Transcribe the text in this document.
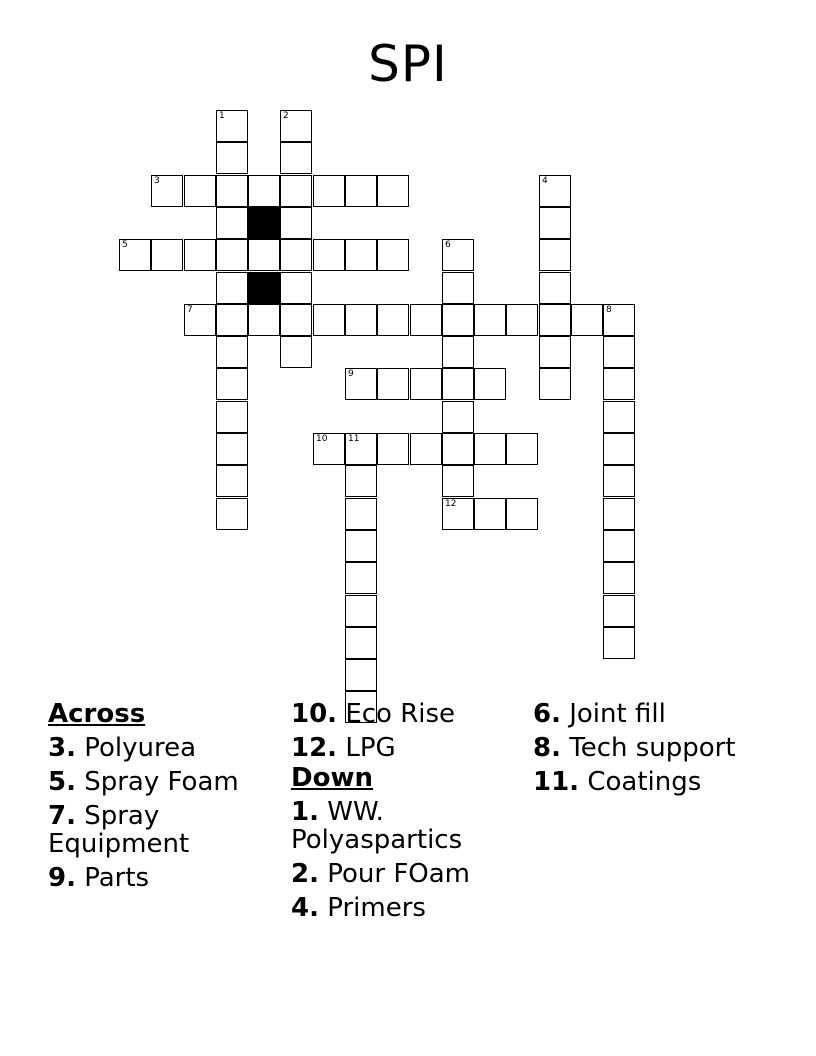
SPI
1	2
3	4
5	6
7	8
9
10 11
12
Across
3. Polyurea
5. Spray Foam
7. Spray Equipment
9. Parts
10. Eco Rise
12. LPG
Down
1. WW. Polyaspartics
2. Pour FOam
4. Primers
6. Joint fill
8. Tech support
11. Coatings
